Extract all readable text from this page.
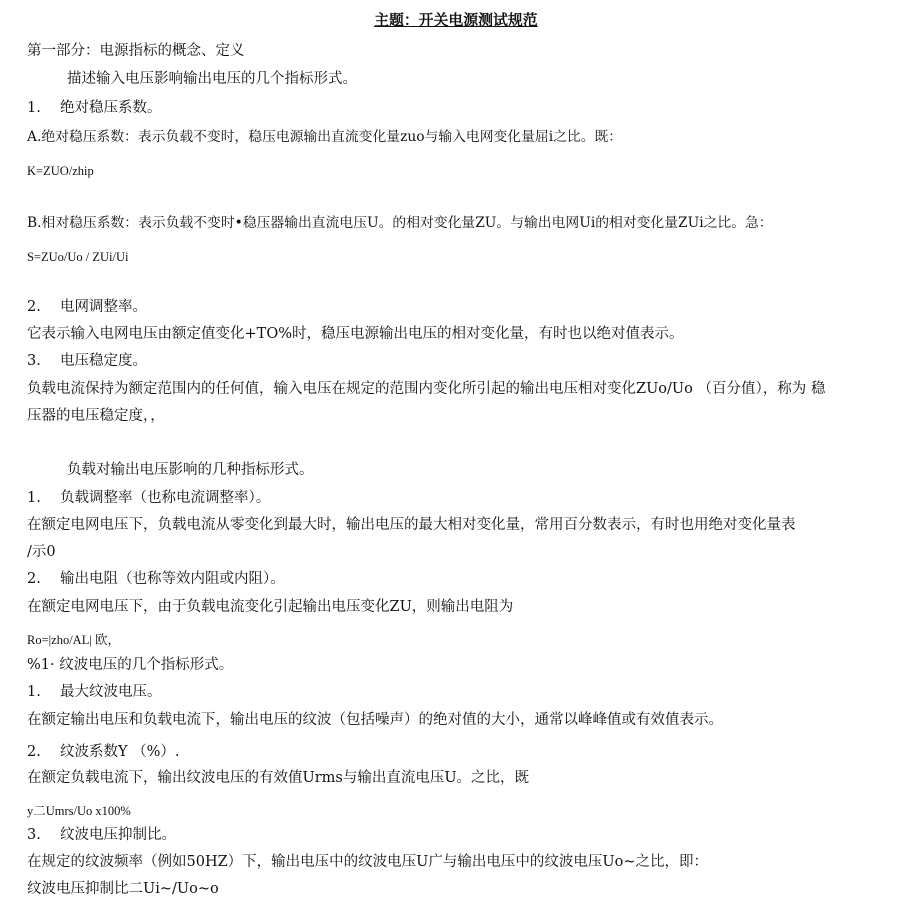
主题：开关电源测试规范
第一部分：电源指标的概念、定义
描述输入电压影响输出电压的几个指标形式。
1.　 绝对稳压系数。
A.绝对稳压系数：表示负载不变时，稳压电源输出直流变化量zuo与输入电网变化量屈i之比。既：
K=ZUO/zhip
B.相对稳压系数：表示负载不变时•稳压器输出直流电压U。的相对变化量ZU。与输出电网Ui的相对变化量ZUi之比。急：
S=ZUo/Uo / ZUi/Ui
2.　 电网调整率。
它表示输入电网电压由额定值变化+TO%时，稳压电源输出电压的相对变化量，有时也以绝对值表示。
3.　 电压稳定度。
负载电流保持为额定范围内的任何值，输入电压在规定的范围内变化所引起的输出电压相对变化ZUo/Uo （百分值），称为 稳
压器的电压稳定度，，
负载对输出电压影响的几种指标形式。
1.　 负载调整率（也称电流调整率）。
在额定电网电压下，负载电流从零变化到最大时，输出电压的最大相对变化量，常用百分数表示，有时也用绝对变化量表
/示0
2.　 输出电阻（也称等效内阻或内阻）。
在额定电网电压下，由于负载电流变化引起输出电压变化ZU，则输出电阻为
Ro=|zho/AL| 欧，
%1· 纹波电压的几个指标形式。
1.　 最大纹波电压。
在额定输出电压和负载电流下，输出电压的纹波（包括噪声）的绝对值的大小，通常以峰峰值或有效值表示。
2.　 纹波系数Y （%）.
在额定负载电流下，输出纹波电压的有效值Urms与输出直流电压U。之比，既
y二Umrs/Uo x100%
3.　 纹波电压抑制比。
在规定的纹波频率（例如50HZ）下，输出电压中的纹波电压U广与输出电压中的纹波电压Uo~之比，即：
纹波电压抑制比二Ui~/Uo~o
